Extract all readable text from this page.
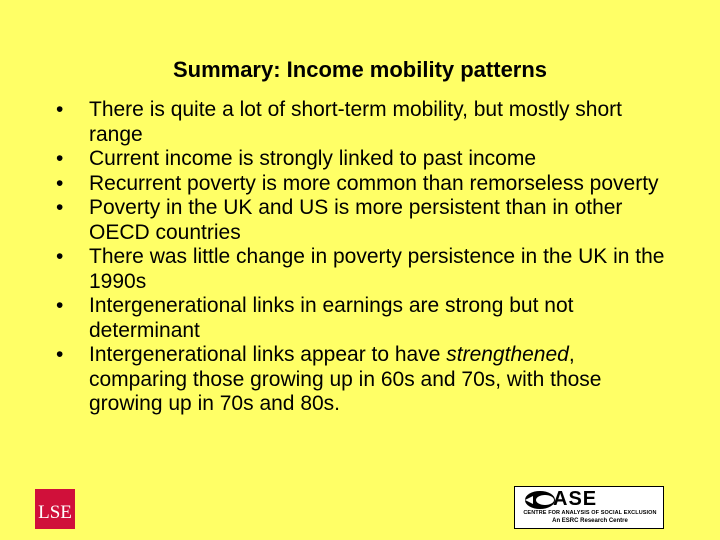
Summary: Income mobility patterns
• There is quite a lot of short-term mobility, but mostly short range
• Current income is strongly linked to past income
• Recurrent poverty is more common than remorseless poverty
• Poverty in the UK and US is more persistent than in other OECD countries
• There was little change in poverty persistence in the UK in the 1990s
• Intergenerational links in earnings are strong but not determinant
• Intergenerational links appear to have strengthened, comparing those growing up in 60s and 70s, with those growing up in 70s and 80s.
LSE
ASE
CENTRE FOR ANALYSIS OF SOCIAL EXCLUSION
An ESRC Research Centre
